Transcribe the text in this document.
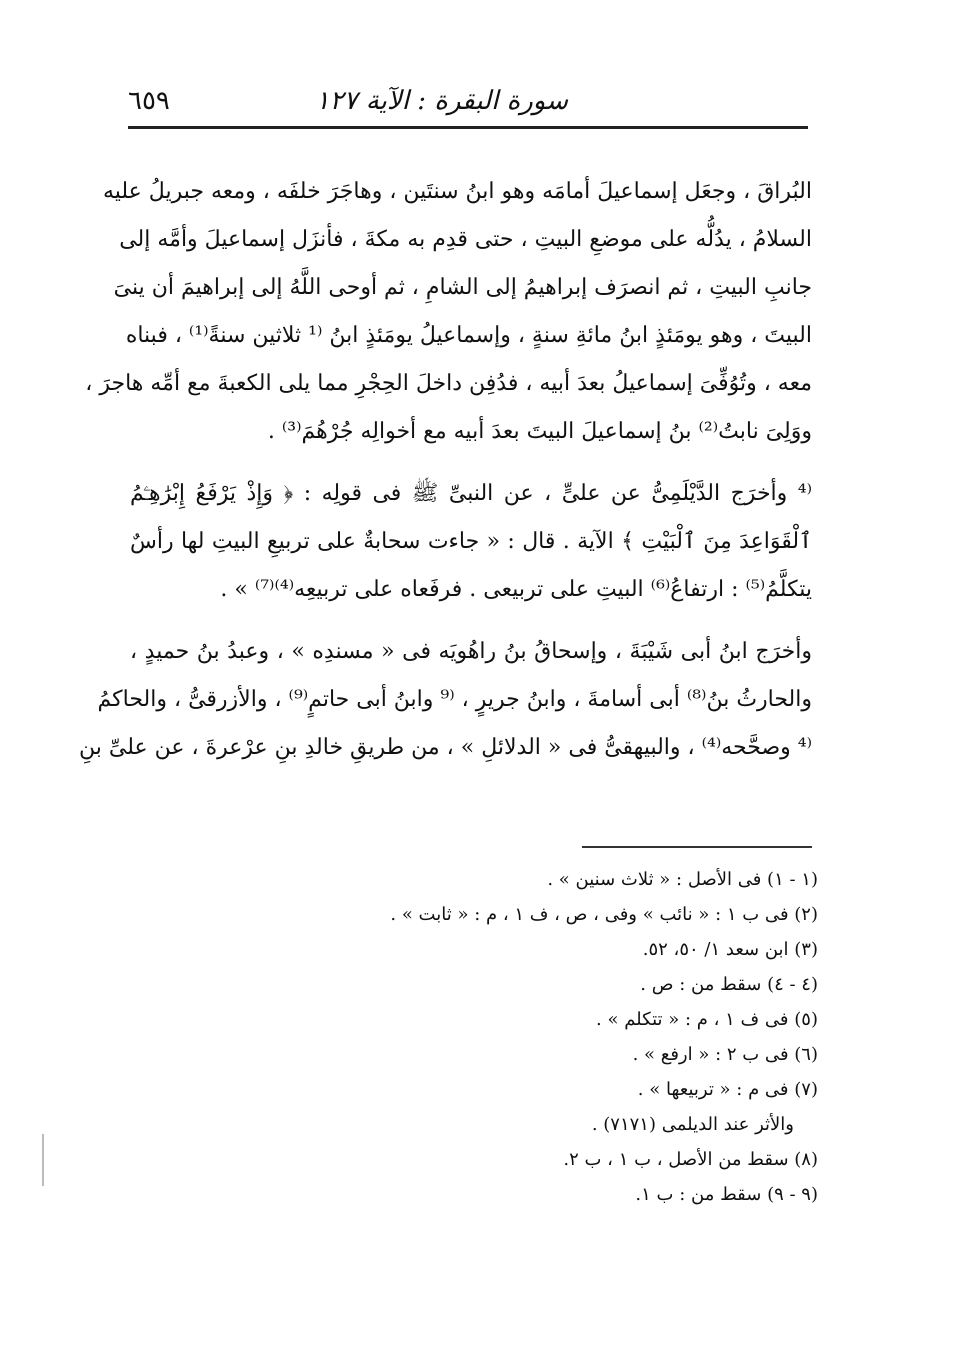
سورة البقرة : الآية ١٢٧
٦٥٩

البُراقَ ، وجعَل إسماعيلَ أمامَه وهو ابنُ سنتَين ، وهاجَرَ خلفَه ، ومعه جبريلُ عليه
السلامُ ، يدُلُّه على موضعِ البيتِ ، حتى قدِم به مكةَ ، فأنزَل إسماعيلَ وأمَّه إلى
جانبِ البيتِ ، ثم انصرَف إبراهيمُ إلى الشامِ ، ثم أوحى اللَّهُ إلى إبراهيمَ أن ينىَ
البيتَ ، وهو يومَئذٍ ابنُ مائةِ سنةٍ ، وإسماعيلُ يومَئذٍ ابنُ ⁽¹ ثلاثين سنةً⁽¹⁾ ، فبناه
معه ، وتُوُفِّىَ إسماعيلُ بعدَ أبيه ، فدُفِن داخلَ الحِجْرِ مما يلى الكعبةَ مع أمِّه هاجرَ ،
ووَلِىَ نابتُ⁽²⁾ بنُ إسماعيلَ البيتَ بعدَ أبيه مع أخوالِه جُرْهُمَ⁽³⁾ .

⁽⁴ وأخرَج الدَّيْلَمِىُّ عن علىٍّ ، عن النبىِّ ﷺ فى قولِه : ﴿ وَإِذْ يَرْفَعُ إِبْرَٰهِـۧمُ
ٱلْقَوَاعِدَ مِنَ ٱلْبَيْتِ ﴾ الآية . قال : « جاءت سحابةٌ على تربيعِ البيتِ لها رأسٌ
يتكلَّمُ⁽⁵⁾ : ارتفاعُ⁽⁶⁾ البيتِ على تربيعى . فرفَعاه على تربيعِه⁽⁴⁾⁽⁷⁾ » .

وأخرَج ابنُ أبى شَيْبَةَ ، وإسحاقُ بنُ راهُويَه فى « مسندِه » ، وعبدُ بنُ حميدٍ ،
والحارثُ بنُ⁽⁸⁾ أبى أسامةَ ، وابنُ جريرٍ ، ⁽⁹ وابنُ أبى حاتمٍ⁽⁹⁾ ، والأزرقىُّ ، والحاكمُ
⁽⁴ وصحَّحه⁽⁴⁾ ، والبيهقىُّ فى « الدلائلِ » ، من طريقِ خالدِ بنِ عرْعرةَ ، عن علىِّ بنِ

(١ - ١) فى الأصل : « ثلاث سنين » .
(٢) فى ب ١ : « نائب » وفى ، ص ، ف ١ ، م : « ثابت » .
(٣) ابن سعد ١/ ٥٠، ٥٢.
(٤ - ٤) سقط من : ص .
(٥) فى ف ١ ، م : « تتكلم » .
(٦) فى ب ٢ : « ارفع » .
(٧) فى م : « تربيعها » .
والأثر عند الديلمى (٧١٧١) .
(٨) سقط من الأصل ، ب ١ ، ب ٢.
(٩ - ٩) سقط من : ب ١.
